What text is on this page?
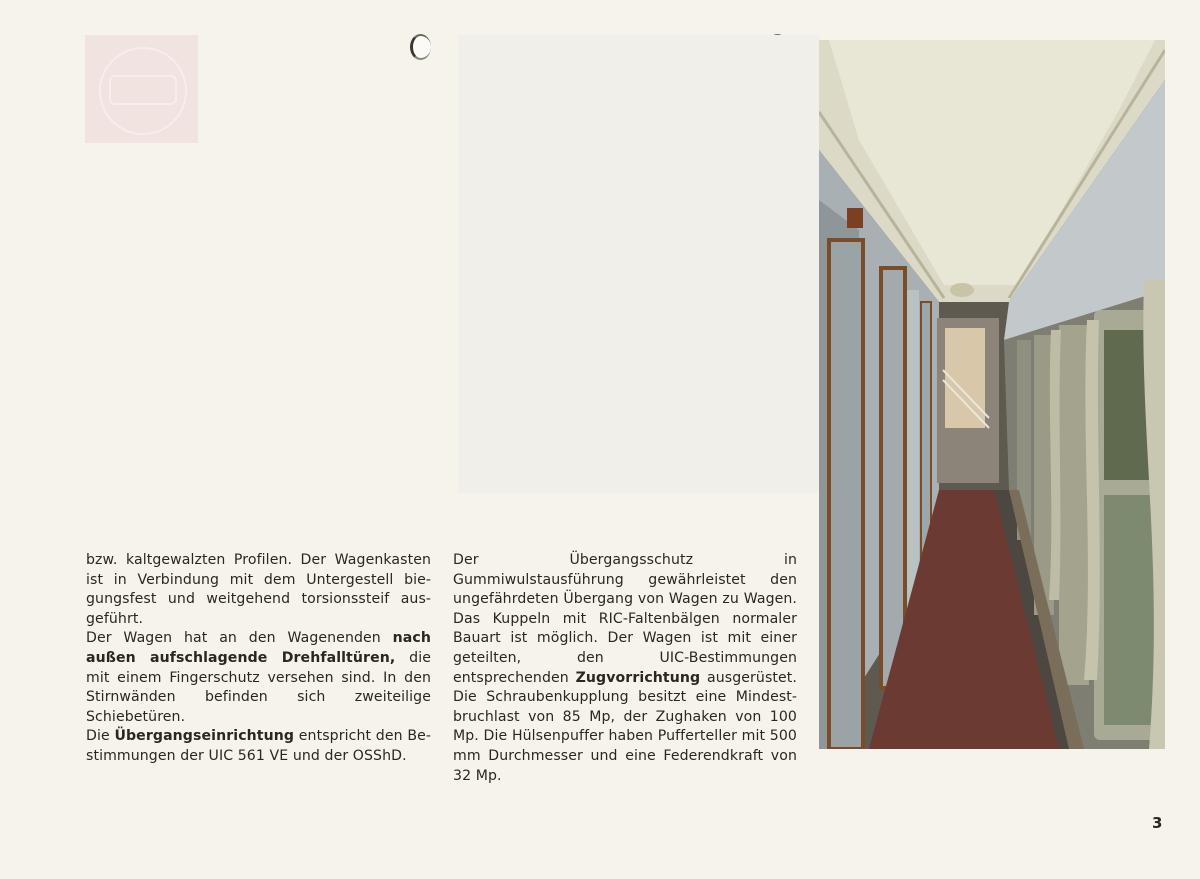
bzw. kaltgewalzten Profilen. Der Wagenkasten ist in Verbindung mit dem Untergestell biegungsfest und weitgehend torsionssteif ausgeführt.

Der Wagen hat an den Wagenenden nach außen aufschlagende Drehfalltüren, die mit einem Fingerschutz versehen sind. In den Stirnwänden befinden sich zweiteilige Schiebetüren.

Die Übergangseinrichtung entspricht den Bestimmungen der UIC 561 VE und der OSShD.

Der Übergangsschutz in Gummiwulstausführung gewährleistet den ungefährdeten Übergang von Wagen zu Wagen. Das Kuppeln mit RIC-Faltenbälgen normaler Bauart ist möglich. Der Wagen ist mit einer geteilten, den UIC-Bestimmungen entsprechenden Zugvorrichtung ausgerüstet. Die Schraubenkupplung besitzt eine Mindestbruchlast von 85 Mp, der Zughaken von 100 Mp. Die Hülsenpuffer haben Pufferteller mit 500 mm Durchmesser und eine Federendkraft von 32 Mp.

3
